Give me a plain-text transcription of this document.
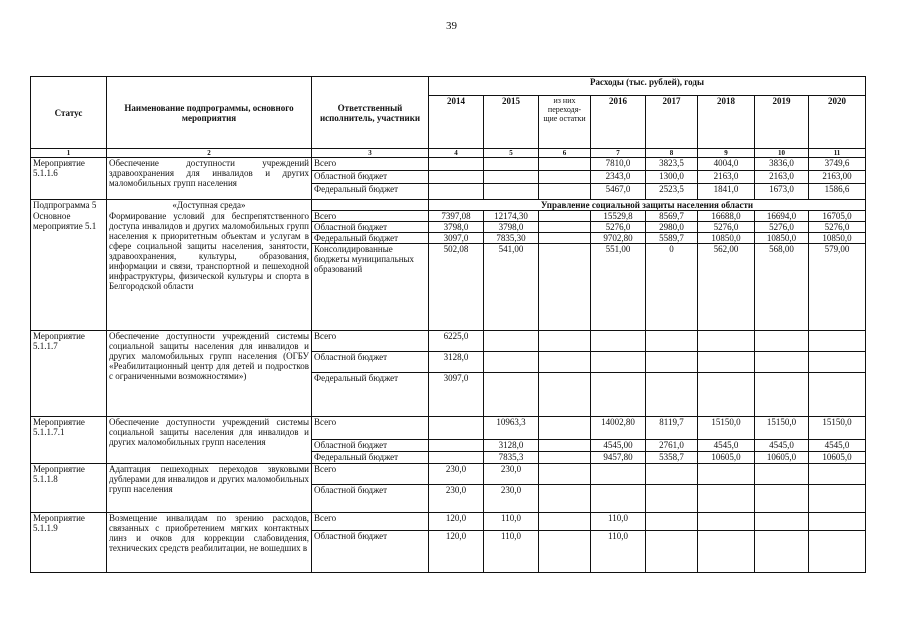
39
Статус	Наименование подпрограммы, основного мероприятия	Ответственный исполнитель, участники	Расходы (тыс. рублей), годы							
			2014	2015	из них переходя-щие остатки	2016	2017	2018	2019	2020
1	2	3	4	5	6	7	8	9	10	11
Мероприятие 5.1.1.6	Обеспечение доступности учреждений здравоохранения для инвалидов и других маломобильных групп населения	Всего				7810,0	3823,5	4004,0	3836,0	3749,6
		Областной бюджет				2343,0	1300,0	2163,0	2163,0	2163,00
		Федеральный бюджет				5467,0	2523,5	1841,0	1673,0	1586,6
Подпрограмма 5	«Доступная среда»		Управление социальной защиты населения области							
Основное мероприятие 5.1	Формирование условий для беспрепятственного доступа инвалидов и других маломобильных групп населения к приоритетным объектам и услугам в сфере социальной защиты населения, занятости, здравоохранения, культуры, образования, информации и связи, транспортной и пешеходной инфраструктуры, физической культуры и спорта в Белгородской области	Всего	7397,08	12174,30		15529,8	8569,7	16688,0	16694,0	16705,0
		Областной бюджет	3798,0	3798,0		5276,0	2980,0	5276,0	5276,0	5276,0
		Федеральный бюджет	3097,0	7835,30		9702,80	5589,7	10850,0	10850,0	10850,0
		Консолидированные бюджеты муниципальных образований	502,08	541,00		551,00	0	562,00	568,00	579,00
Мероприятие 5.1.1.7	Обеспечение доступности учреждений системы социальной защиты населения для инвалидов и других маломобильных групп населения (ОГБУ «Реабилитационный центр для детей и подростков с ограниченными возможностями»)	Всего	6225,0							
		Областной бюджет	3128,0							
		Федеральный бюджет	3097,0							
Мероприятие 5.1.1.7.1	Обеспечение доступности учреждений системы социальной защиты населения для инвалидов и других маломобильных групп населения	Всего		10963,3		14002,80	8119,7	15150,0	15150,0	15150,0
		Областной бюджет		3128,0		4545,00	2761,0	4545,0	4545,0	4545,0
		Федеральный бюджет		7835,3		9457,80	5358,7	10605,0	10605,0	10605,0
Мероприятие 5.1.1.8	Адаптация пешеходных переходов звуковыми дублерами для инвалидов и других маломобильных групп населения	Всего	230,0	230,0						
		Областной бюджет	230,0	230,0						
Мероприятие 5.1.1.9	Возмещение инвалидам по зрению расходов, связанных с приобретением мягких контактных линз и очков для коррекции слабовидения, технических средств реабилитации, не вошедших в	Всего	120,0	110,0		110,0				
		Областной бюджет	120,0	110,0		110,0				
